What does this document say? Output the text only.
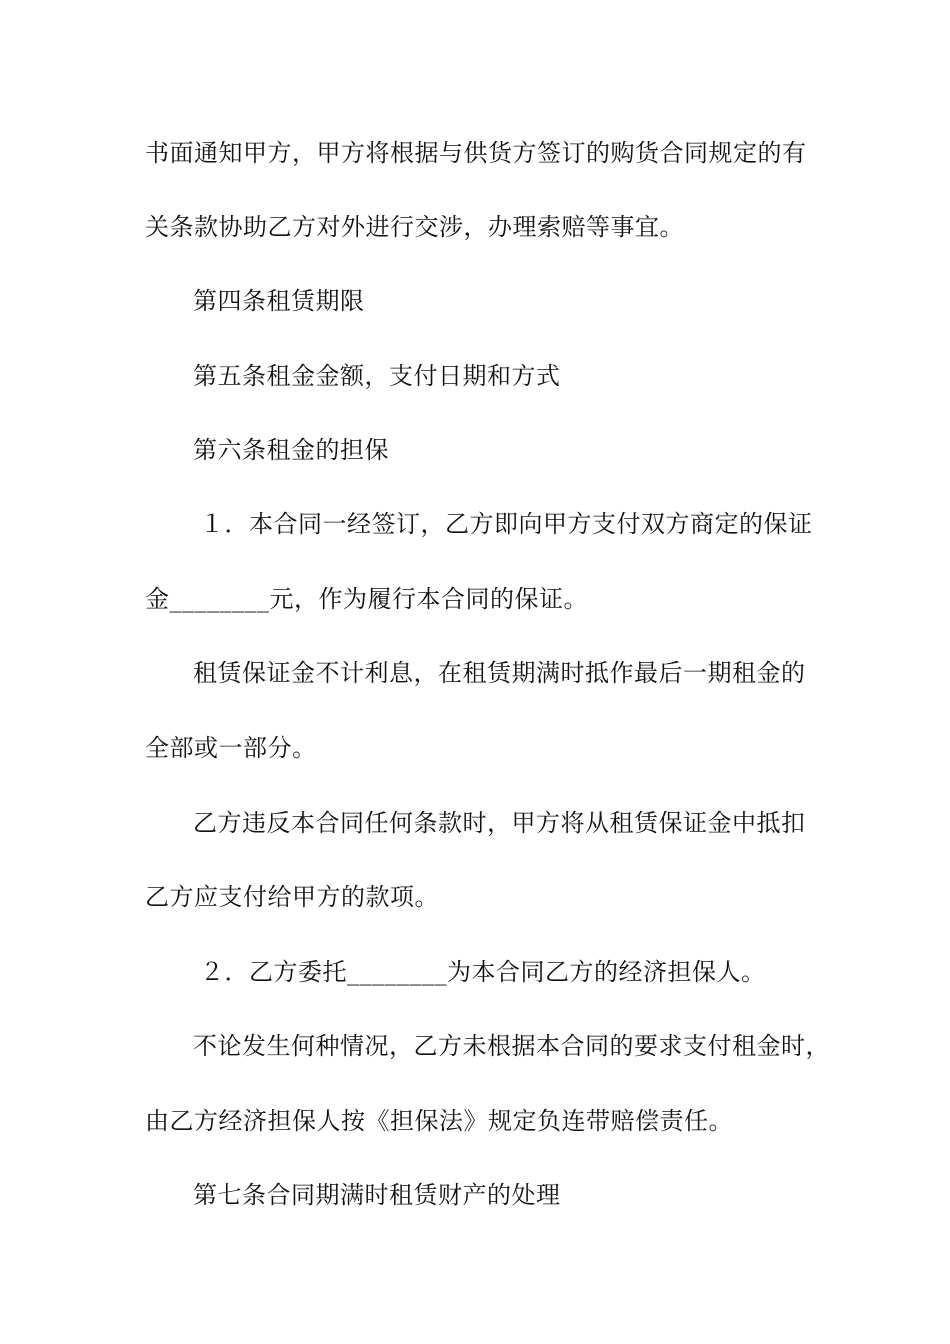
书面通知甲方，甲方将根据与供货方签订的购货合同规定的有
关条款协助乙方对外进行交涉，办理索赔等事宜。
第四条租赁期限
第五条租金金额，支付日期和方式
第六条租金的担保
１．本合同一经签订，乙方即向甲方支付双方商定的保证
金________元，作为履行本合同的保证。
租赁保证金不计利息，在租赁期满时抵作最后一期租金的
全部或一部分。
乙方违反本合同任何条款时，甲方将从租赁保证金中抵扣
乙方应支付给甲方的款项。
２．乙方委托________为本合同乙方的经济担保人。
不论发生何种情况，乙方未根据本合同的要求支付租金时，
由乙方经济担保人按《担保法》规定负连带赔偿责任。
第七条合同期满时租赁财产的处理
